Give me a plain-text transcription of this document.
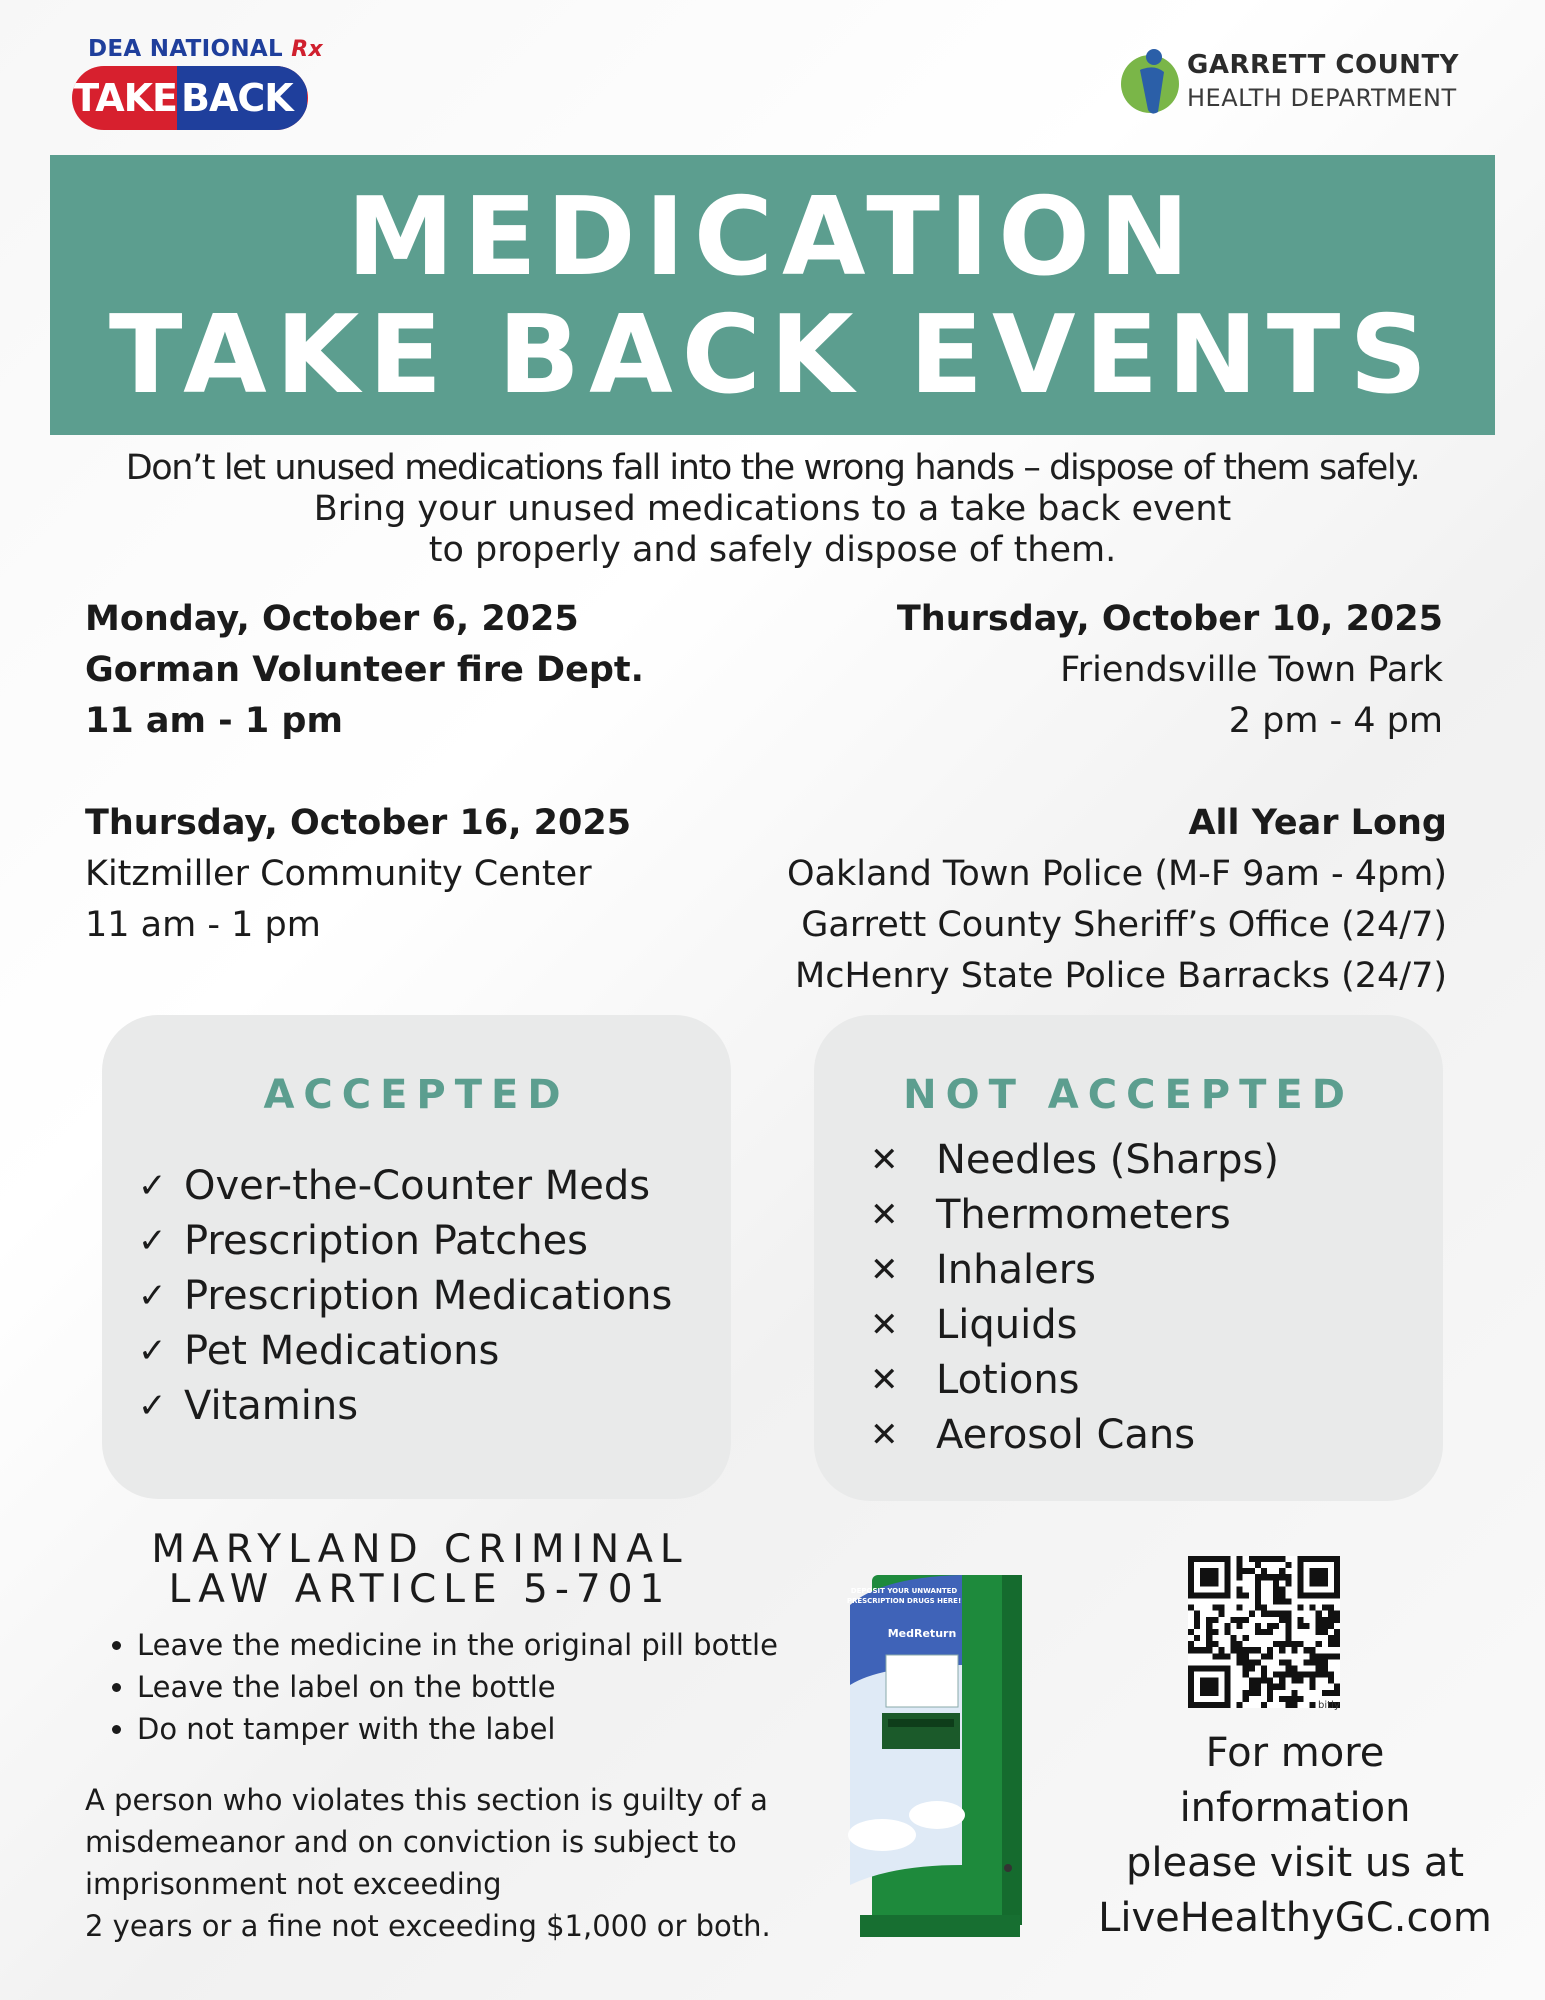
DEA NATIONAL Rx
TAKE BACK
GARRETT COUNTY
HEALTH DEPARTMENT
MEDICATION
TAKE BACK EVENTS
Don’t let unused medications fall into the wrong hands – dispose of them safely.
Bring your unused medications to a take back event
to properly and safely dispose of them.
Monday, October 6, 2025
Gorman Volunteer fire Dept.
11 am - 1 pm
Thursday, October 10, 2025
Friendsville Town Park
2 pm - 4 pm
Thursday, October 16, 2025
Kitzmiller Community Center
11 am - 1 pm
All Year Long
Oakland Town Police (M-F 9am - 4pm)
Garrett County Sheriff’s Office (24/7)
McHenry State Police Barracks (24/7)
ACCEPTED
✓ Over-the-Counter Meds
✓ Prescription Patches
✓ Prescription Medications
✓ Pet Medications
✓ Vitamins
NOT ACCEPTED
✕ Needles (Sharps)
✕ Thermometers
✕ Inhalers
✕ Liquids
✕ Lotions
✕ Aerosol Cans
MARYLAND CRIMINAL
LAW ARTICLE 5-701
• Leave the medicine in the original pill bottle
• Leave the label on the bottle
• Do not tamper with the label
A person who violates this section is guilty of a
misdemeanor and on conviction is subject to
imprisonment not exceeding
2 years or a fine not exceeding $1,000 or both.
DEPOSIT YOUR UNWANTED
PRESCRIPTION DRUGS HERE!
MedReturn
bitly
For more
information
please visit us at
LiveHealthyGC.com
